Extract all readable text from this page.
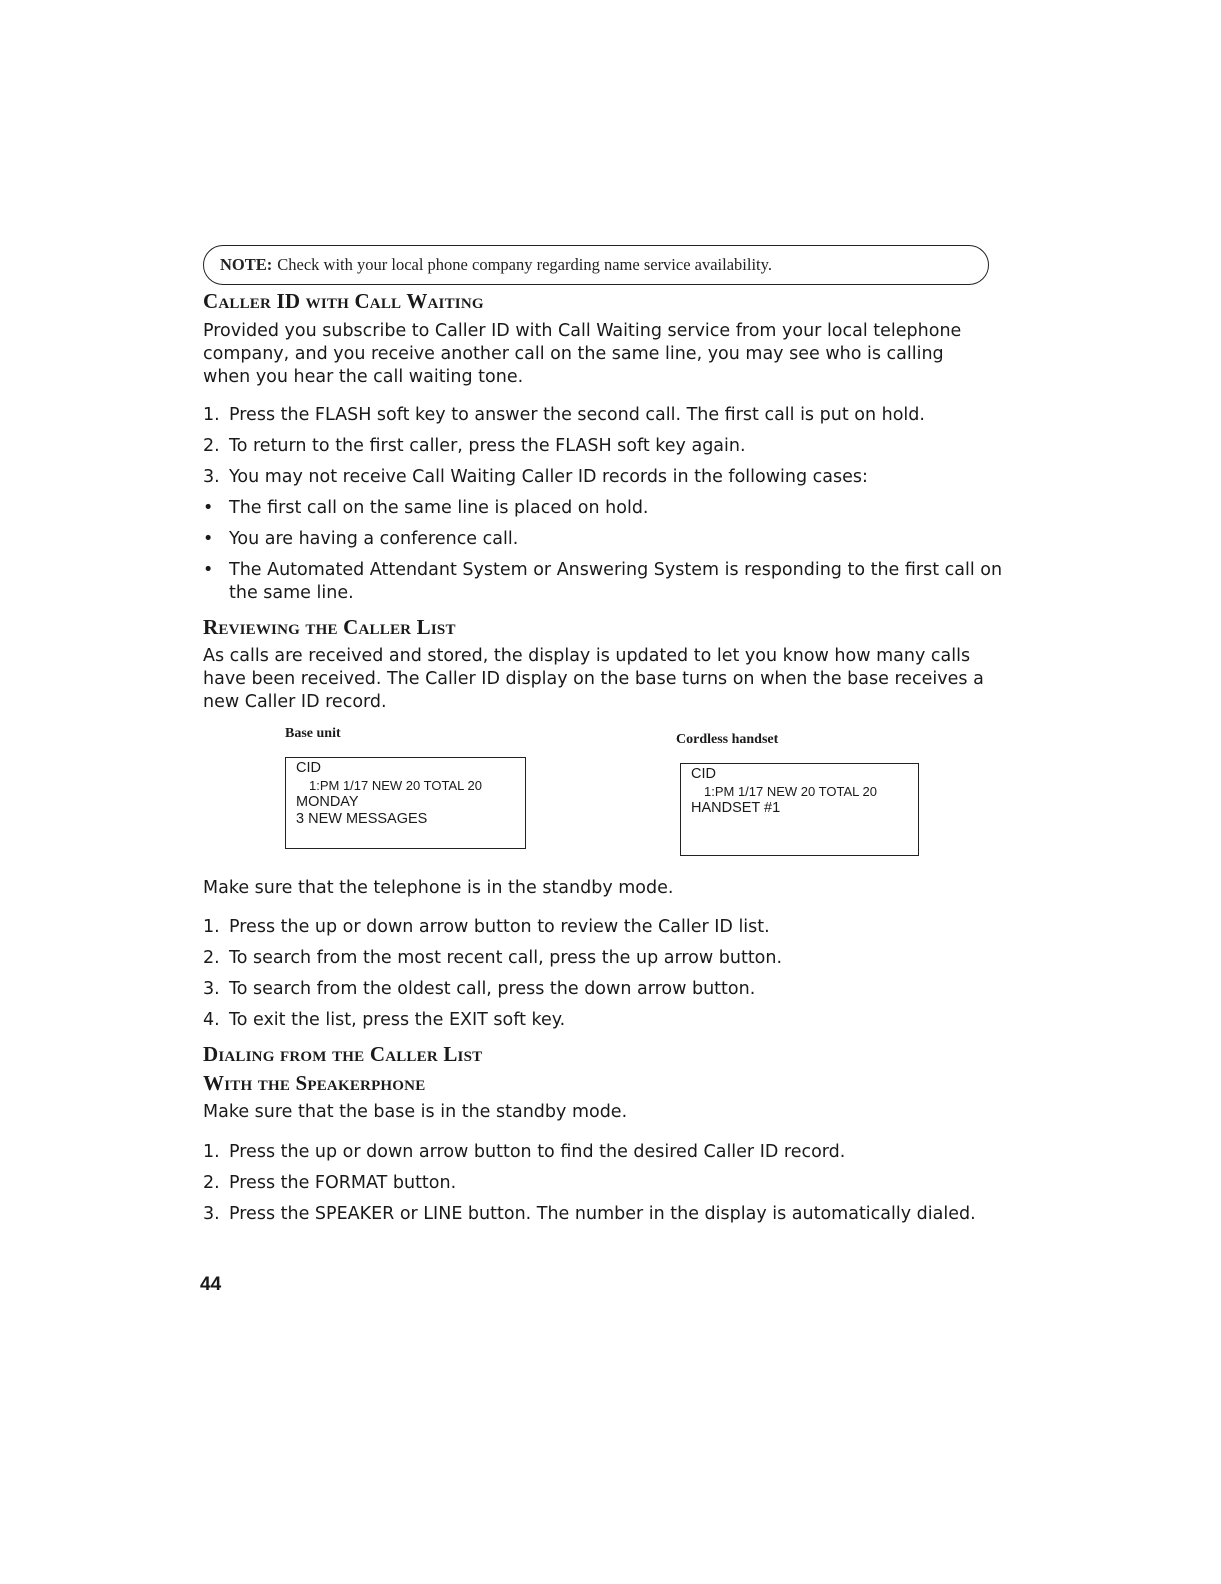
NOTE: Check with your local phone company regarding name service availability.
Caller ID with Call Waiting

Provided you subscribe to Caller ID with Call Waiting service from your local telephone company, and you receive another call on the same line, you may see who is calling when you hear the call waiting tone.

1. Press the FLASH soft key to answer the second call. The first call is put on hold.
2. To return to the first caller, press the FLASH soft key again.
3. You may not receive Call Waiting Caller ID records in the following cases:
• The first call on the same line is placed on hold.
• You are having a conference call.
• The Automated Attendant System or Answering System is responding to the first call on the same line.
Reviewing the Caller List

As calls are received and stored, the display is updated to let you know how many calls have been received. The Caller ID display on the base turns on when the base receives a new Caller ID record.

Base unit
CID
1:PM 1/17 NEW 20 TOTAL 20
MONDAY
3 NEW MESSAGES
Cordless handset
CID
1:PM 1/17 NEW 20 TOTAL 20
HANDSET #1

Make sure that the telephone is in the standby mode.

1. Press the up or down arrow button to review the Caller ID list.
2. To search from the most recent call, press the up arrow button.
3. To search from the oldest call, press the down arrow button.
4. To exit the list, press the EXIT soft key.
Dialing from the Caller List
With the Speakerphone

Make sure that the base is in the standby mode.

1. Press the up or down arrow button to find the desired Caller ID record.
2. Press the FORMAT button.
3. Press the SPEAKER or LINE button. The number in the display is automatically dialed.
44
